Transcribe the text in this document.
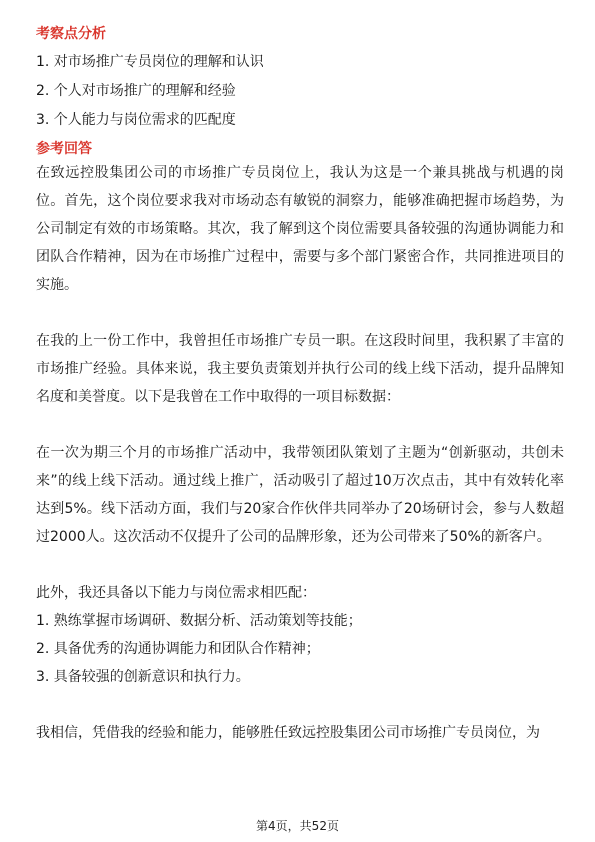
考察点分析
1. 对市场推广专员岗位的理解和认识
2. 个人对市场推广的理解和经验
3. 个人能力与岗位需求的匹配度
参考回答

在致远控股集团公司的市场推广专员岗位上，我认为这是一个兼具挑战与机遇的岗位。首先，这个岗位要求我对市场动态有敏锐的洞察力，能够准确把握市场趋势，为公司制定有效的市场策略。其次，我了解到这个岗位需要具备较强的沟通协调能力和团队合作精神，因为在市场推广过程中，需要与多个部门紧密合作，共同推进项目的实施。

在我的上一份工作中，我曾担任市场推广专员一职。在这段时间里，我积累了丰富的市场推广经验。具体来说，我主要负责策划并执行公司的线上线下活动，提升品牌知名度和美誉度。以下是我曾在工作中取得的一项目标数据：

在一次为期三个月的市场推广活动中，我带领团队策划了主题为“创新驱动，共创未来”的线上线下活动。通过线上推广，活动吸引了超过10万次点击，其中有效转化率达到5%。线下活动方面，我们与20家合作伙伴共同举办了20场研讨会，参与人数超过2000人。这次活动不仅提升了公司的品牌形象，还为公司带来了50%的新客户。

此外，我还具备以下能力与岗位需求相匹配：

1. 熟练掌握市场调研、数据分析、活动策划等技能；

2. 具备优秀的沟通协调能力和团队合作精神；

3. 具备较强的创新意识和执行力。

我相信，凭借我的经验和能力，能够胜任致远控股集团公司市场推广专员岗位，为

第4页，共52页
